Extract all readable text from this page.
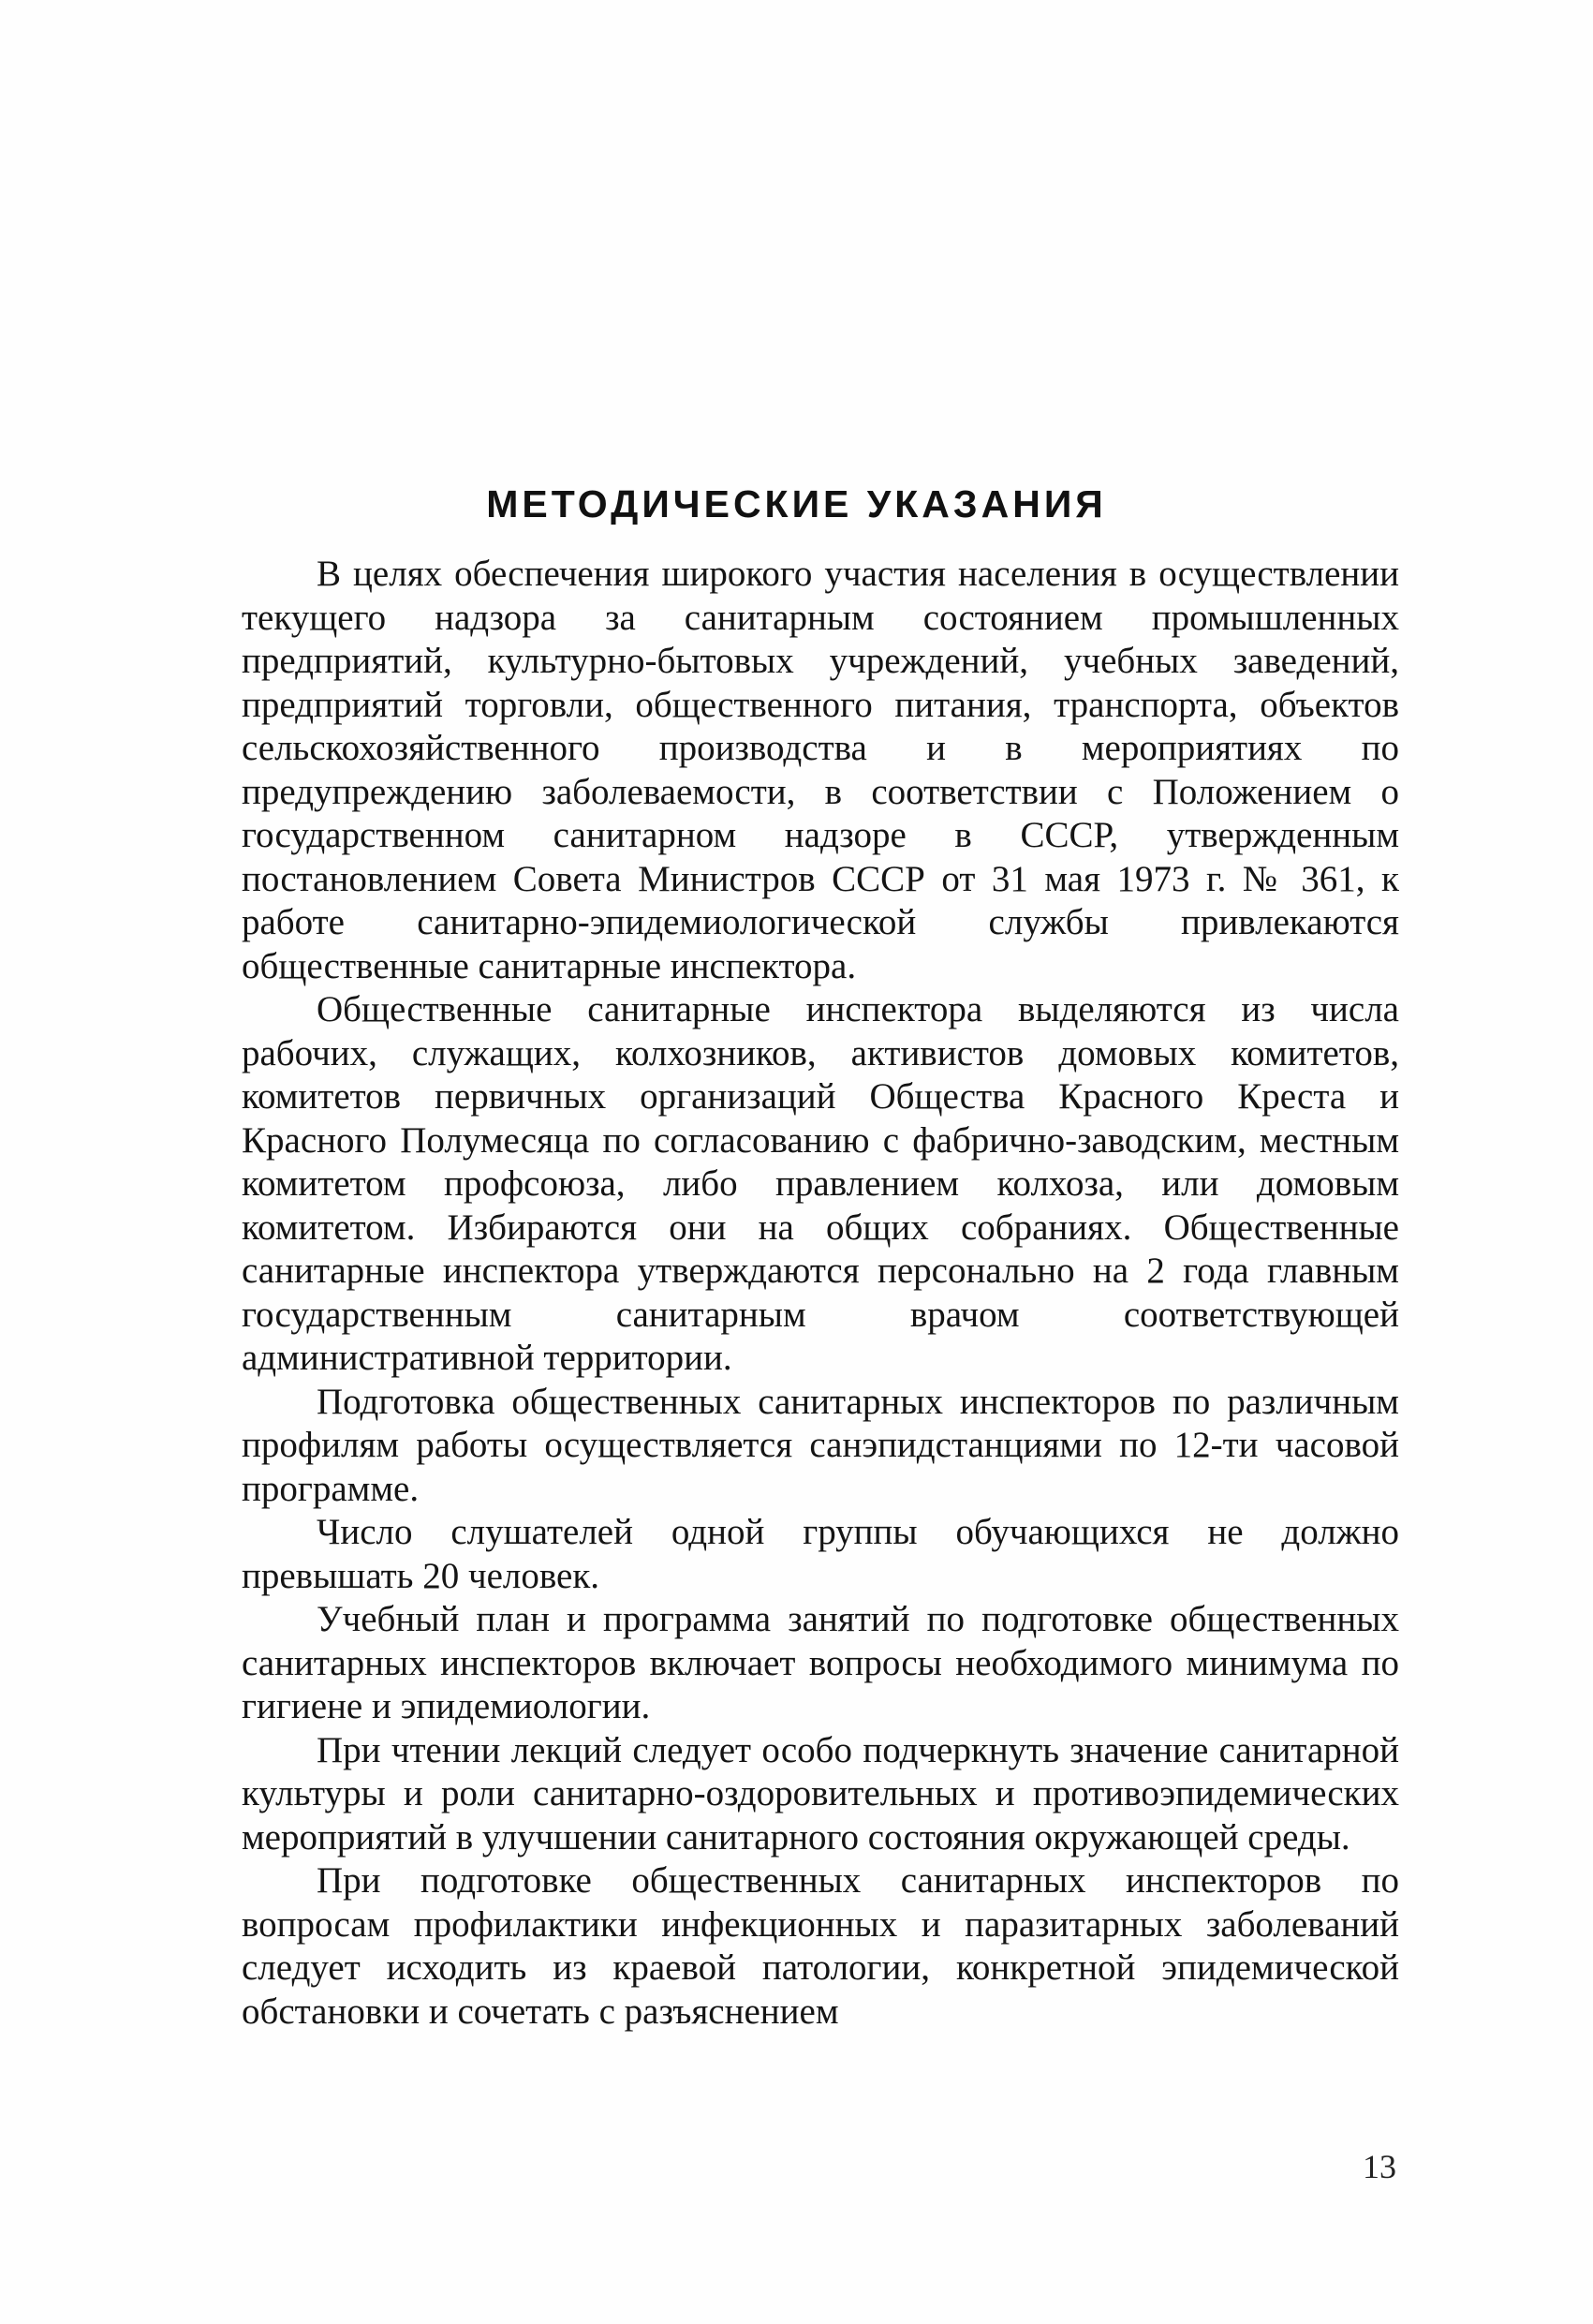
МЕТОДИЧЕСКИЕ УКАЗАНИЯ

В целях обеспечения широкого участия населения в осуществлении текущего надзора за санитарным состоянием промышленных предприятий, культурно-бытовых учреждений, учебных заведений, предприятий торговли, общественного питания, транспорта, объектов сельскохозяйственного производства и в мероприятиях по предупреждению заболеваемости, в соответствии с Положением о государственном санитарном надзоре в СССР, утвержденным постановлением Совета Министров СССР от 31 мая 1973 г. № 361, к работе санитарно-эпидемиологической службы привлекаются общественные санитарные инспектора.

Общественные санитарные инспектора выделяются из числа рабочих, служащих, колхозников, активистов домовых комитетов, комитетов первичных организаций Общества Красного Креста и Красного Полумесяца по согласованию с фабрично-заводским, местным комитетом профсоюза, либо правлением колхоза, или домовым комитетом. Избираются они на общих собраниях. Общественные санитарные инспектора утверждаются персонально на 2 года главным государственным санитарным врачом соответствующей административной территории.

Подготовка общественных санитарных инспекторов по различным профилям работы осуществляется санэпидстанциями по 12-ти часовой программе.

Число слушателей одной группы обучающихся не должно превышать 20 человек.

Учебный план и программа занятий по подготовке общественных санитарных инспекторов включает вопросы необходимого минимума по гигиене и эпидемиологии.

При чтении лекций следует особо подчеркнуть значение санитарной культуры и роли санитарно-оздоровительных и противоэпидемических мероприятий в улучшении санитарного состояния окружающей среды.

При подготовке общественных санитарных инспекторов по вопросам профилактики инфекционных и паразитарных заболеваний следует исходить из краевой патологии, конкретной эпидемической обстановки и сочетать с разъяснением

13
